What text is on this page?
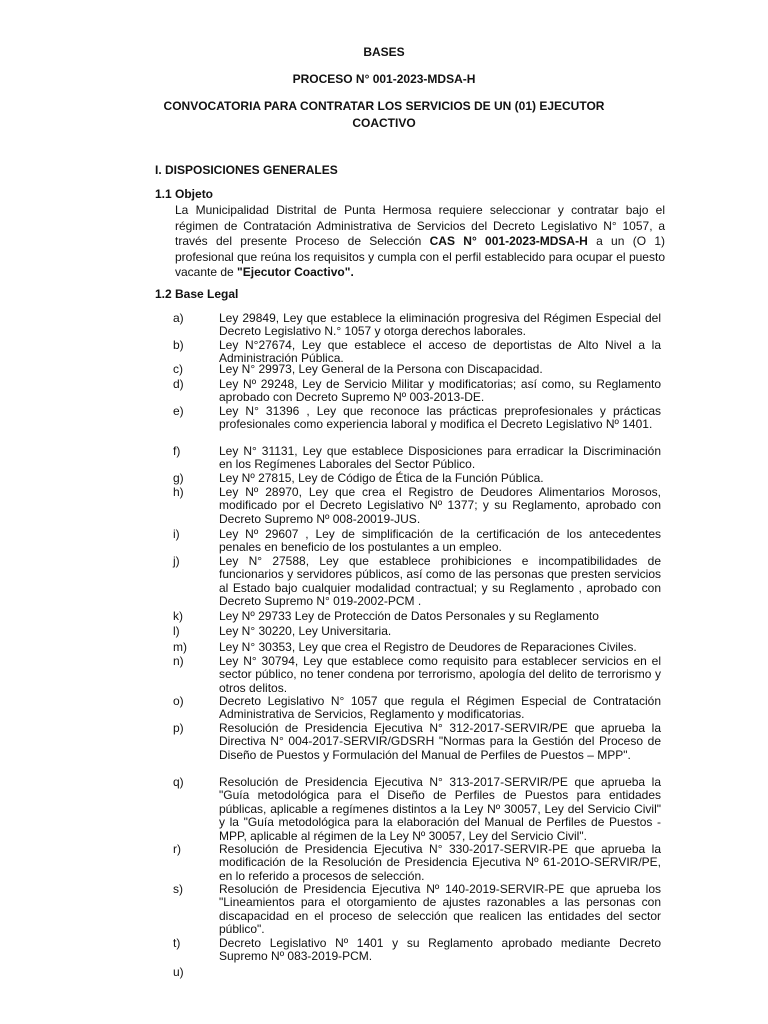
BASES
PROCESO N° 001-2023-MDSA-H
CONVOCATORIA PARA CONTRATAR LOS SERVICIOS DE UN (01) EJECUTOR COACTIVO
I. DISPOSICIONES GENERALES
1.1 Objeto
La Municipalidad Distrital de Punta Hermosa requiere seleccionar y contratar bajo el régimen de Contratación Administrativa de Servicios del Decreto Legislativo N° 1057, a través del presente Proceso de Selección CAS N° 001-2023-MDSA-H a un (O 1) profesional que reúna los requisitos y cumpla con el perfil establecido para ocupar el puesto vacante de "Ejecutor Coactivo".
1.2 Base Legal
a)	Ley 29849, Ley que establece la eliminación progresiva del Régimen Especial del Decreto Legislativo N.° 1057 y otorga derechos laborales.
b)	Ley N°27674, Ley que establece el acceso de deportistas de Alto Nivel a la Administración Pública.
c)	Ley N° 29973, Ley General de la Persona con Discapacidad.
d)	Ley Nº 29248, Ley de Servicio Militar y modificatorias; así como, su Reglamento aprobado con Decreto Supremo Nº 003-2013-DE.
e)	Ley N° 31396 , Ley que reconoce las prácticas preprofesionales y prácticas profesionales como experiencia laboral y modifica el Decreto Legislativo Nº 1401.
f)	Ley N° 31131, Ley que establece Disposiciones para erradicar la Discriminación en los Regímenes Laborales del Sector Público.
g)	Ley Nº 27815, Ley de Código de Ética de la Función Pública.
h)	Ley Nº 28970, Ley que crea el Registro de Deudores Alimentarios Morosos, modificado por el Decreto Legislativo Nº 1377; y su Reglamento, aprobado con Decreto Supremo Nº 008-20019-JUS.
i)	Ley Nº 29607 , Ley de simplificación de la certificación de los antecedentes penales en beneficio de los postulantes a un empleo.
j)	Ley N° 27588, Ley que establece prohibiciones e incompatibilidades de funcionarios y servidores públicos, así como de las personas que presten servicios al Estado bajo cualquier modalidad contractual; y su Reglamento , aprobado con Decreto Supremo N° 019-2002-PCM .
k)	Ley Nº 29733 Ley de Protección de Datos Personales y su Reglamento
l)	Ley N° 30220, Ley Universitaria.
m)	Ley N° 30353, Ley que crea el Registro de Deudores de Reparaciones Civiles.
n)	Ley N° 30794, Ley que establece como requisito para establecer servicios en el sector público, no tener condena por terrorismo, apología del delito de terrorismo y otros delitos.
o)	Decreto Legislativo N° 1057 que regula el Régimen Especial de Contratación Administrativa de Servicios, Reglamento y modificatorias.
p)	Resolución de Presidencia Ejecutiva N° 312-2017-SERVIR/PE que aprueba la Directiva N° 004-2017-SERVIR/GDSRH "Normas para la Gestión del Proceso de Diseño de Puestos y Formulación del Manual de Perfiles de Puestos – MPP".
q)	Resolución de Presidencia Ejecutiva N° 313-2017-SERVIR/PE que aprueba la "Guía metodológica para el Diseño de Perfiles de Puestos para entidades públicas, aplicable a regímenes distintos a la Ley Nº 30057, Ley del Servicio Civil" y la "Guía metodológica para la elaboración del Manual de Perfiles de Puestos - MPP, aplicable al régimen de la Ley Nº 30057, Ley del Servicio Civil".
r)	Resolución de Presidencia Ejecutiva N° 330-2017-SERVIR-PE que aprueba la modificación de la Resolución de Presidencia Ejecutiva Nº 61-201O-SERVIR/PE, en lo referido a procesos de selección.
s)	Resolución de Presidencia Ejecutiva Nº 140-2019-SERVIR-PE que aprueba los "Lineamientos para el otorgamiento de ajustes razonables a las personas con discapacidad en el proceso de selección que realicen las entidades del sector público".
t)	Decreto Legislativo Nº 1401 y su Reglamento aprobado mediante Decreto Supremo Nº 083-2019-PCM.
u)
